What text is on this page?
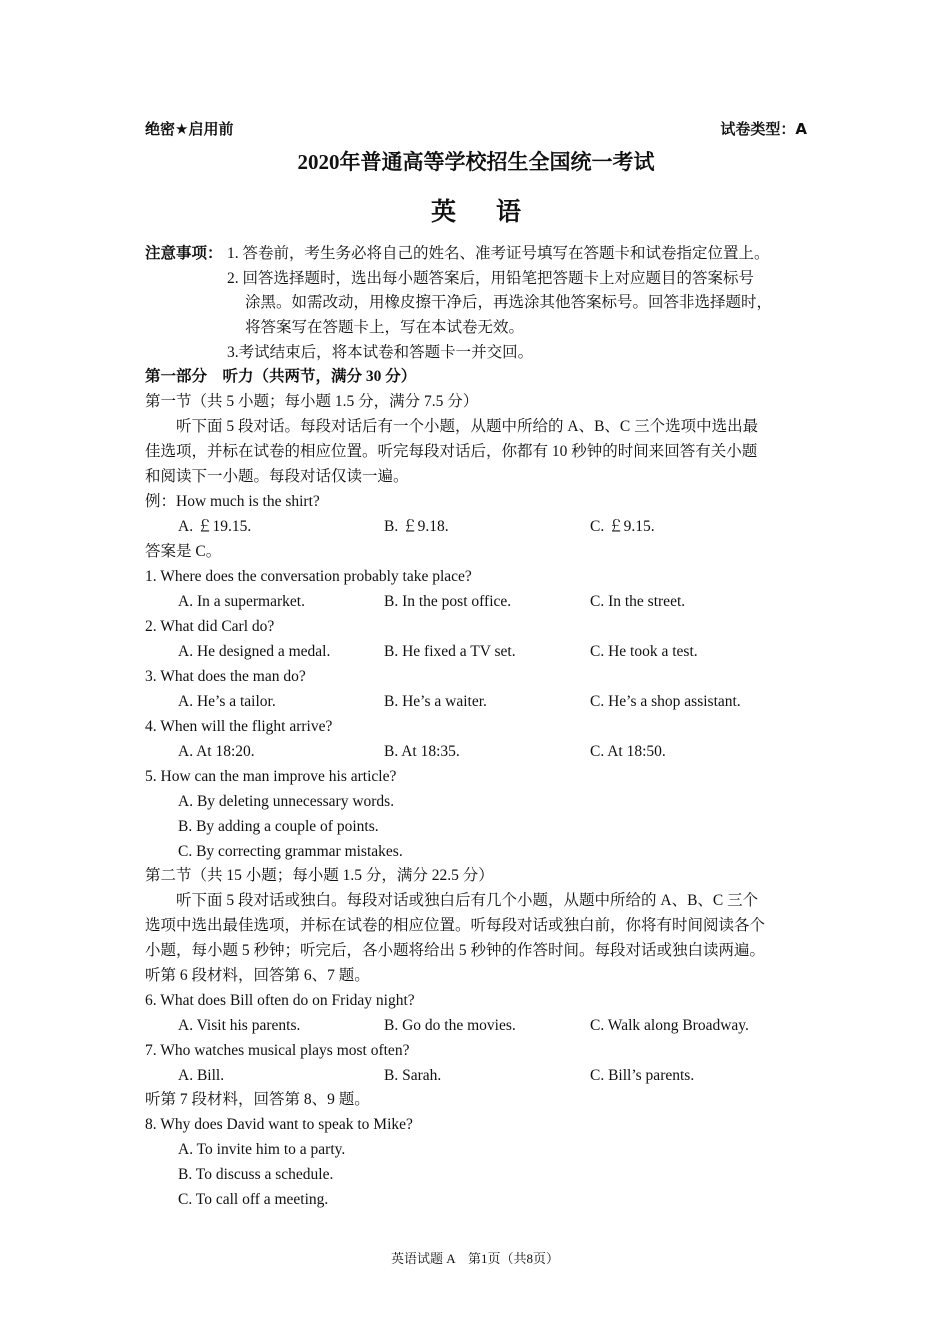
绝密★启用前	试卷类型：A
2020年普通高等学校招生全国统一考试
英语
注意事项： 1. 答卷前，考生务必将自己的姓名、准考证号填写在答题卡和试卷指定位置上。
2. 回答选择题时，选出每小题答案后，用铅笔把答题卡上对应题目的答案标号
涂黑。如需改动，用橡皮擦干净后，再选涂其他答案标号。回答非选择题时，
将答案写在答题卡上，写在本试卷无效。
3.考试结束后，将本试卷和答题卡一并交回。
第一部分　听力（共两节，满分 30 分）
第一节（共 5 小题；每小题 1.5 分，满分 7.5 分）
听下面 5 段对话。每段对话后有一个小题，从题中所给的 A、B、C 三个选项中选出最
佳选项，并标在试卷的相应位置。听完每段对话后，你都有 10 秒钟的时间来回答有关小题
和阅读下一小题。每段对话仅读一遍。
例：How much is the shirt?
A. ￡19.15.	B. ￡9.18.	C. ￡9.15.
答案是 C。
1. Where does the conversation probably take place?
A. In a supermarket.	B. In the post office.	C. In the street.
2. What did Carl do?
A. He designed a medal.	B. He fixed a TV set.	C. He took a test.
3. What does the man do?
A. He’s a tailor.	B. He’s a waiter.	C. He’s a shop assistant.
4. When will the flight arrive?
A. At 18:20.	B. At 18:35.	C. At 18:50.
5. How can the man improve his article?
A. By deleting unnecessary words.
B. By adding a couple of points.
C. By correcting grammar mistakes.
第二节（共 15 小题；每小题 1.5 分，满分 22.5 分）
听下面 5 段对话或独白。每段对话或独白后有几个小题，从题中所给的 A、B、C 三个
选项中选出最佳选项，并标在试卷的相应位置。听每段对话或独白前，你将有时间阅读各个
小题，每小题 5 秒钟；听完后，各小题将给出 5 秒钟的作答时间。每段对话或独白读两遍。
听第 6 段材料，回答第 6、7 题。
6. What does Bill often do on Friday night?
A. Visit his parents.	B. Go do the movies.	C. Walk along Broadway.
7. Who watches musical plays most often?
A. Bill.	B. Sarah.	C. Bill’s parents.
听第 7 段材料，回答第 8、9 题。
8. Why does David want to speak to Mike?
A. To invite him to a party.
B. To discuss a schedule.
C. To call off a meeting.
英语试题 A　第1页（共8页）
